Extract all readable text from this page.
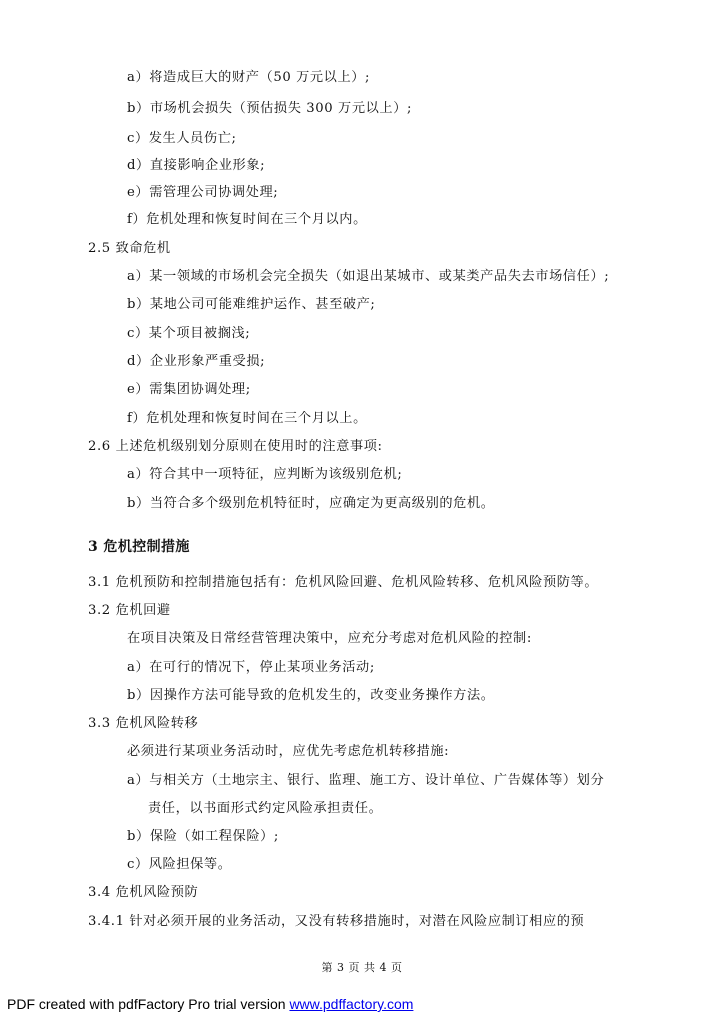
a）将造成巨大的财产（50 万元以上）;
b）市场机会损失（预估损失 300 万元以上）;
c）发生人员伤亡;
d）直接影响企业形象;
e）需管理公司协调处理;
f）危机处理和恢复时间在三个月以内。
2.5 致命危机
a）某一领域的市场机会完全损失（如退出某城市、或某类产品失去市场信任）;
b）某地公司可能难维护运作、甚至破产;
c）某个项目被搁浅;
d）企业形象严重受损;
e）需集团协调处理;
f）危机处理和恢复时间在三个月以上。
2.6 上述危机级别划分原则在使用时的注意事项:
a）符合其中一项特征，应判断为该级别危机;
b）当符合多个级别危机特征时，应确定为更高级别的危机。
3 危机控制措施
3.1 危机预防和控制措施包括有：危机风险回避、危机风险转移、危机风险预防等。
3.2 危机回避
在项目决策及日常经营管理决策中，应充分考虑对危机风险的控制:
a）在可行的情况下，停止某项业务活动;
b）因操作方法可能导致的危机发生的，改变业务操作方法。
3.3 危机风险转移
必须进行某项业务活动时，应优先考虑危机转移措施:
a）与相关方（土地宗主、银行、监理、施工方、设计单位、广告媒体等）划分
责任，以书面形式约定风险承担责任。
b）保险（如工程保险）;
c）风险担保等。
3.4 危机风险预防
3.4.1 针对必须开展的业务活动，又没有转移措施时，对潜在风险应制订相应的预
第 3 页 共 4 页
PDF created with pdfFactory Pro trial version www.pdffactory.com
